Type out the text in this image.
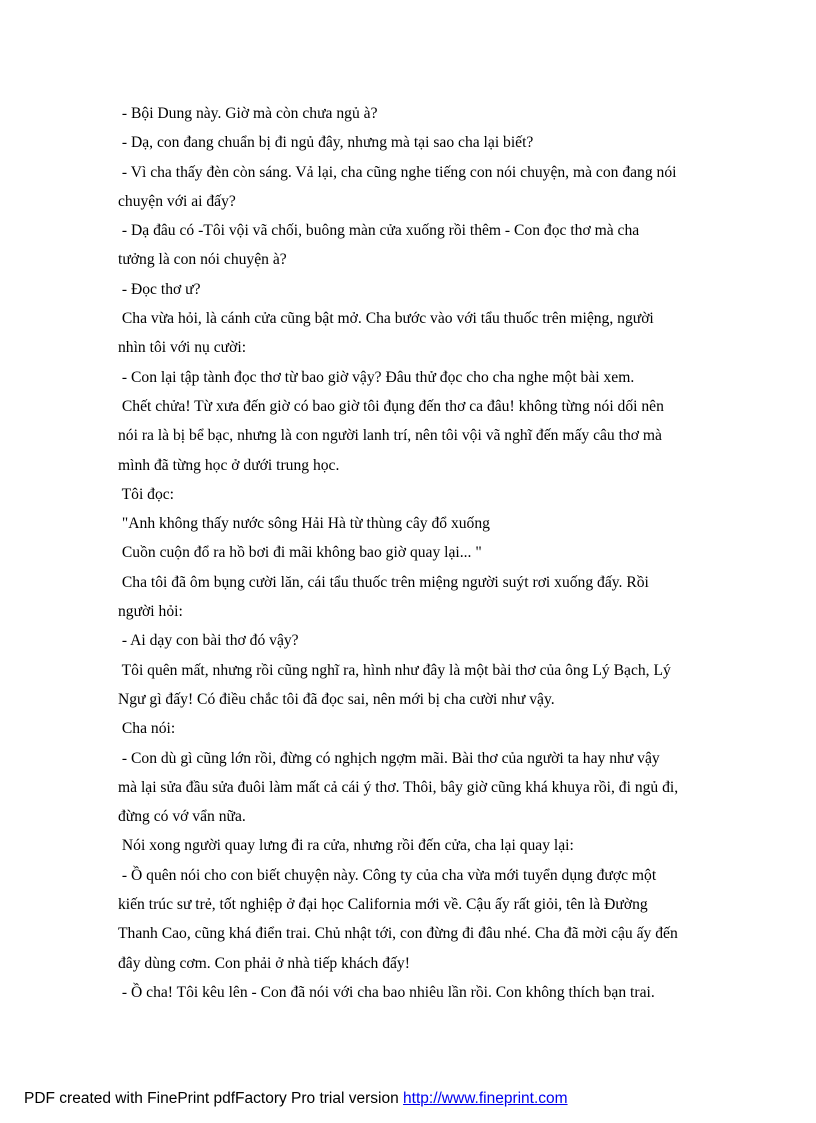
- Bội Dung này. Giờ mà còn chưa ngủ à?
- Dạ, con đang chuẩn bị đi ngủ đây, nhưng mà tại sao cha lại biết?
- Vì cha thấy đèn còn sáng. Vả lại, cha cũng nghe tiếng con nói chuyện, mà con đang nói
chuyện với ai đấy?
- Dạ đâu có -Tôi vội vã chối, buông màn cửa xuống rồi thêm - Con đọc thơ mà cha
tưởng là con nói chuyện à?
- Đọc thơ ư?
Cha vừa hỏi, là cánh cửa cũng bật mở. Cha bước vào với tẩu thuốc trên miệng, người
nhìn tôi với nụ cười:
- Con lại tập tành đọc thơ từ bao giờ vậy? Đâu thử đọc cho cha nghe một bài xem.
Chết chửa! Từ xưa đến giờ có bao giờ tôi đụng đến thơ ca đâu! không từng nói dối nên
nói ra là bị bể bạc, nhưng là con người lanh trí, nên tôi vội vã nghĩ đến mấy câu thơ mà
mình đã từng học ở dưới trung học.
Tôi đọc:
"Anh không thấy nước sông Hải Hà từ thùng cây đổ xuống
Cuồn cuộn đổ ra hồ bơi đi mãi không bao giờ quay lại... "
Cha tôi đã ôm bụng cười lăn, cái tẩu thuốc trên miệng người suýt rơi xuống đấy. Rồi
người hỏi:
- Ai dạy con bài thơ đó vậy?
Tôi quên mất, nhưng rồi cũng nghĩ ra, hình như đây là một bài thơ của ông Lý Bạch, Lý
Ngư gì đấy! Có điều chắc tôi đã đọc sai, nên mới bị cha cười như vậy.
Cha nói:
- Con dù gì cũng lớn rồi, đừng có nghịch ngợm mãi. Bài thơ của người ta hay như vậy
mà lại sửa đầu sửa đuôi làm mất cả cái ý thơ. Thôi, bây giờ cũng khá khuya rồi, đi ngủ đi,
đừng có vớ vẩn nữa.
Nói xong người quay lưng đi ra cửa, nhưng rồi đến cửa, cha lại quay lại:
- Ồ quên nói cho con biết chuyện này. Công ty của cha vừa mới tuyển dụng được một
kiến trúc sư trẻ, tốt nghiệp ở đại học California mới về. Cậu ấy rất giỏi, tên là Đường
Thanh Cao, cũng khá điển trai. Chủ nhật tới, con đừng đi đâu nhé. Cha đã mời cậu ấy đến
đây dùng cơm. Con phải ở nhà tiếp khách đấy!
- Ồ cha! Tôi kêu lên - Con đã nói với cha bao nhiêu lần rồi. Con không thích bạn trai.
PDF created with FinePrint pdfFactory Pro trial version http://www.fineprint.com
